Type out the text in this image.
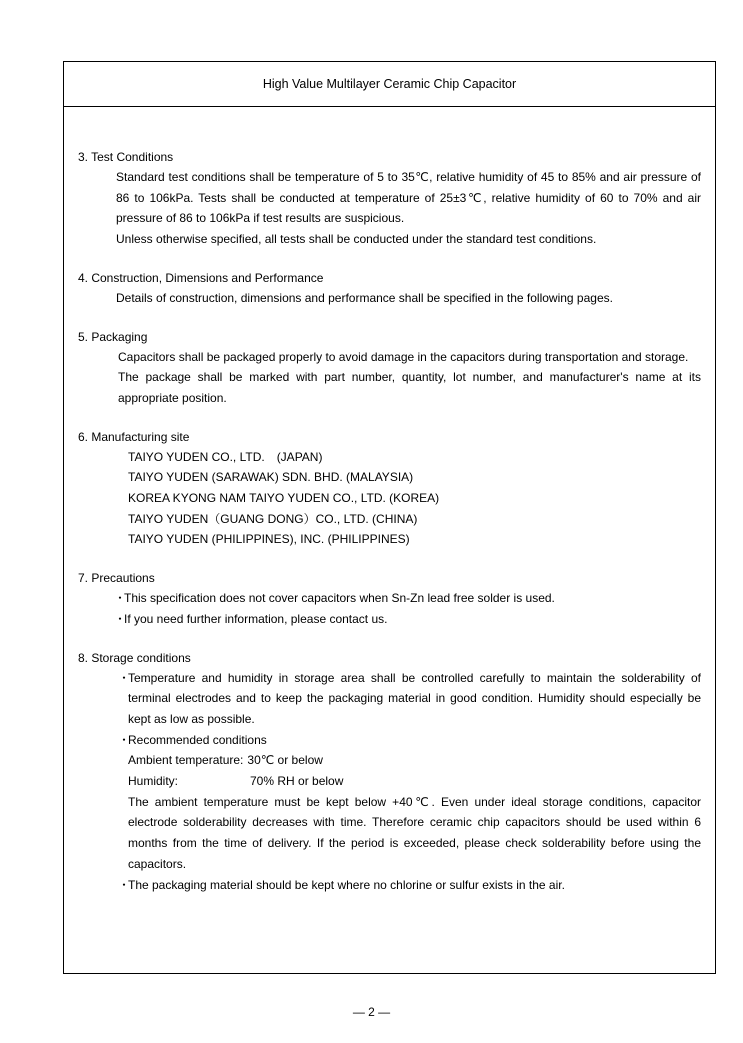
High Value Multilayer Ceramic Chip Capacitor
3. Test Conditions
Standard test conditions shall be temperature of 5 to 35℃, relative humidity of 45 to 85% and air pressure of 86 to 106kPa. Tests shall be conducted at temperature of 25±3℃, relative humidity of 60 to 70% and air pressure of 86 to 106kPa if test results are suspicious.
Unless otherwise specified, all tests shall be conducted under the standard test conditions.
4. Construction, Dimensions and Performance
Details of construction, dimensions and performance shall be specified in the following pages.
5. Packaging
Capacitors shall be packaged properly to avoid damage in the capacitors during transportation and storage.
The package shall be marked with part number, quantity, lot number, and manufacturer's name at its appropriate position.
6. Manufacturing site
TAIYO YUDEN CO., LTD.　(JAPAN)
TAIYO YUDEN (SARAWAK) SDN. BHD. (MALAYSIA)
KOREA KYONG NAM TAIYO YUDEN CO., LTD. (KOREA)
TAIYO YUDEN（GUANG DONG）CO., LTD. (CHINA)
TAIYO YUDEN (PHILIPPINES), INC. (PHILIPPINES)
7. Precautions
・
This specification does not cover capacitors when Sn-Zn lead free solder is used.
・
If you need further information, please contact us.
8. Storage conditions
・
Temperature and humidity in storage area shall be controlled carefully to maintain the solderability of terminal electrodes and to keep the packaging material in good condition. Humidity should especially be kept as low as possible.
・
Recommended conditions
Ambient temperature: 30℃ or below
Humidity:	70% RH or below
The ambient temperature must be kept below +40℃. Even under ideal storage conditions, capacitor electrode solderability decreases with time. Therefore ceramic chip capacitors should be used within 6 months from the time of delivery. If the period is exceeded, please check solderability before using the capacitors.
・
The packaging material should be kept where no chlorine or sulfur exists in the air.
— 2 —
